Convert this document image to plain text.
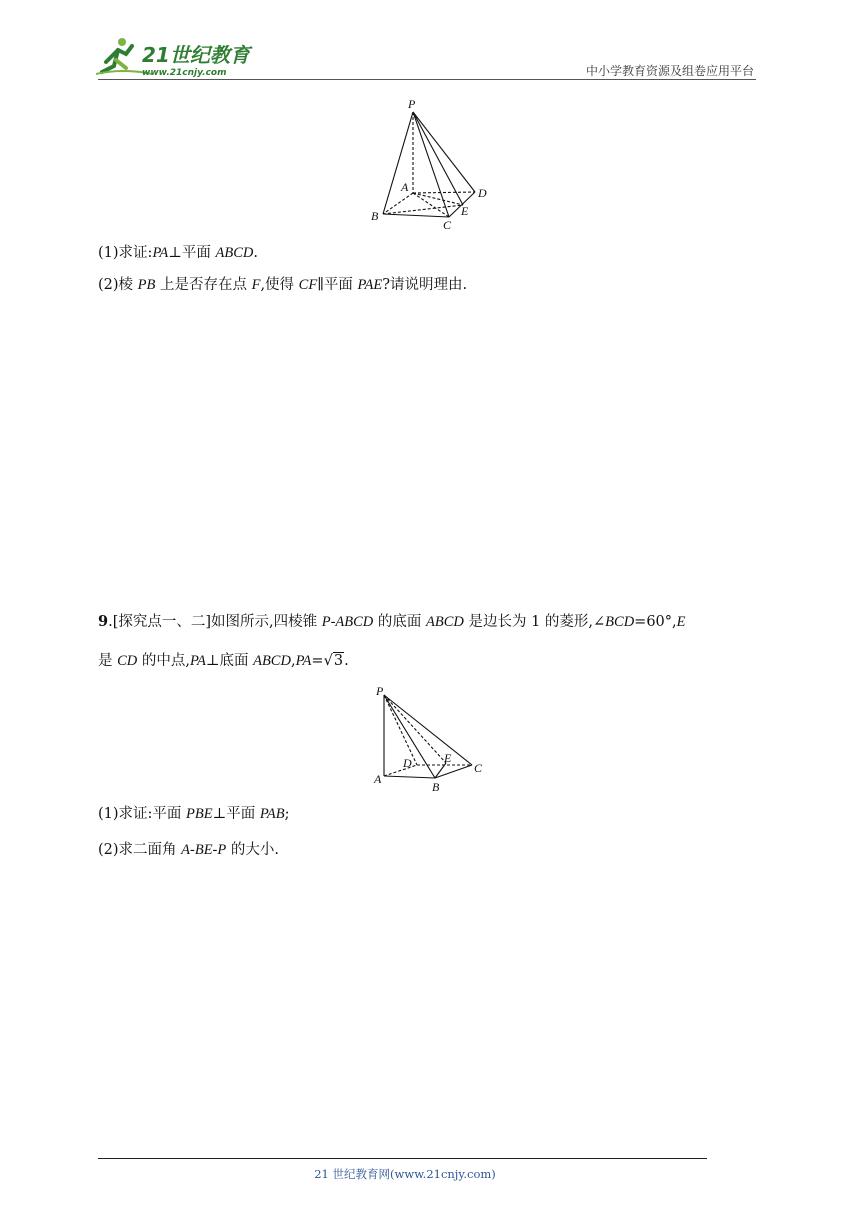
21世纪教育
www.21cnjy.com	中小学教育资源及组卷应用平台
P
A	D
B	E
C
(1)求证:PA⊥平面 ABCD.
(2)棱 PB 上是否存在点 F,使得 CF∥平面 PAE?请说明理由.
9.[探究点一、二]如图所示,四棱锥 P-ABCD 的底面 ABCD 是边长为 1 的菱形,∠BCD=60°,E
是 CD 的中点,PA⊥底面 ABCD,PA=√3.
P
D	E
C
A
B
(1)求证:平面 PBE⊥平面 PAB;
(2)求二面角 A-BE-P 的大小.
21 世纪教育网(www.21cnjy.com)
